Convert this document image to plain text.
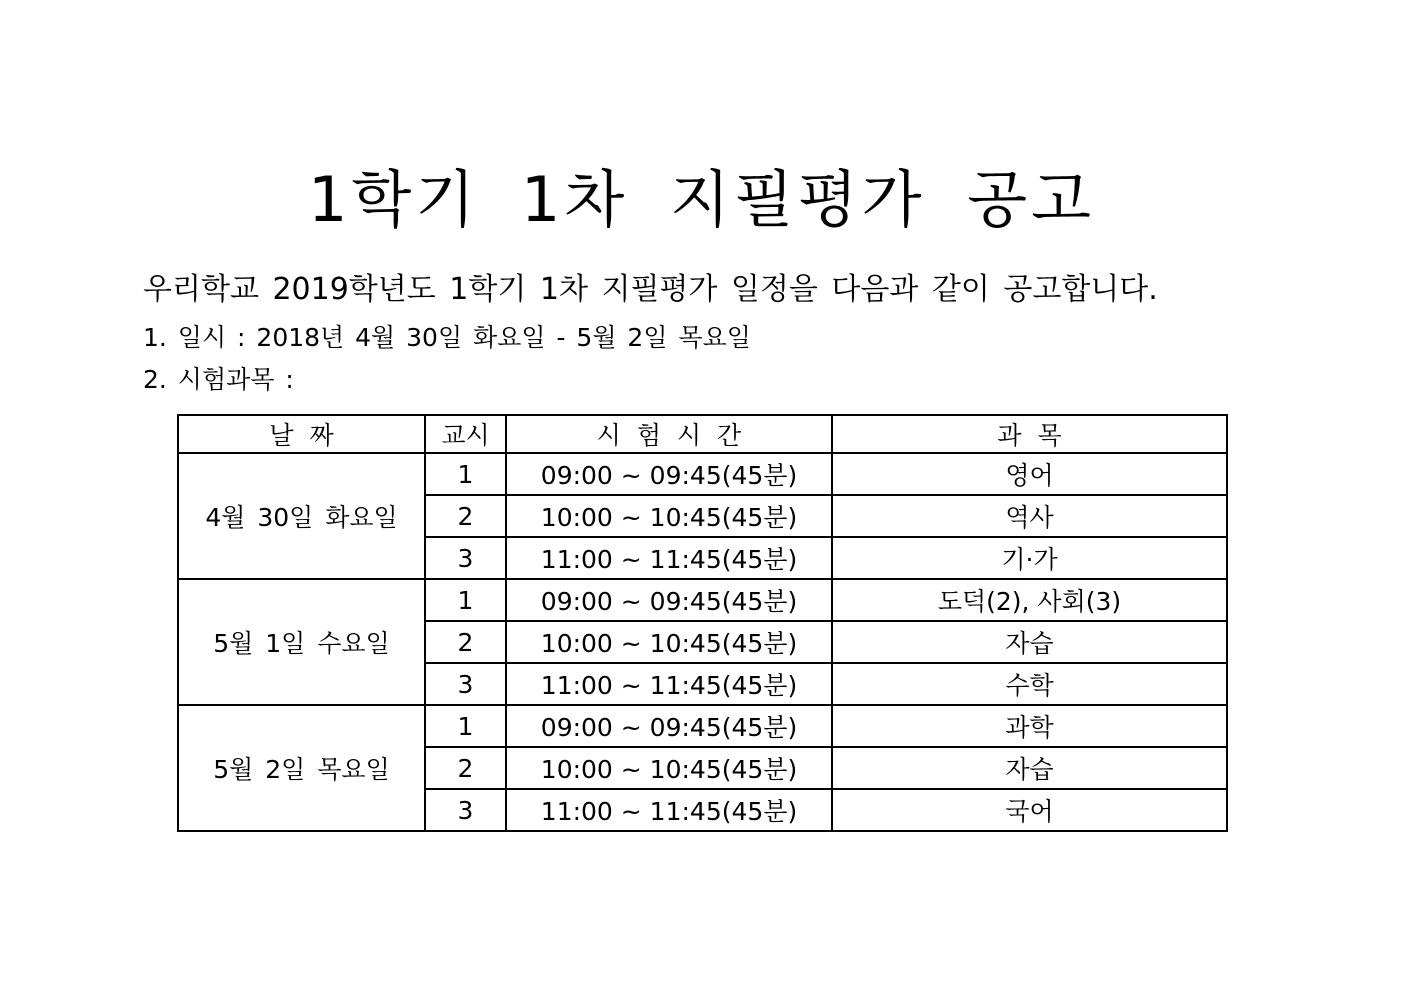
1학기 1차 지필평가 공고
우리학교 2019학년도 1학기 1차 지필평가 일정을 다음과 같이 공고합니다.
1. 일시 : 2018년 4월 30일 화요일 - 5월 2일 목요일
2. 시험과목 :
날 짜	교시	시 험 시 간	과 목
4월 30일 화요일	1	09:00 ~ 09:45(45분)	영어
	2	10:00 ~ 10:45(45분)	역사
	3	11:00 ~ 11:45(45분)	기·가
5월 1일 수요일	1	09:00 ~ 09:45(45분)	도덕(2), 사회(3)
	2	10:00 ~ 10:45(45분)	자습
	3	11:00 ~ 11:45(45분)	수학
5월 2일 목요일	1	09:00 ~ 09:45(45분)	과학
	2	10:00 ~ 10:45(45분)	자습
	3	11:00 ~ 11:45(45분)	국어
